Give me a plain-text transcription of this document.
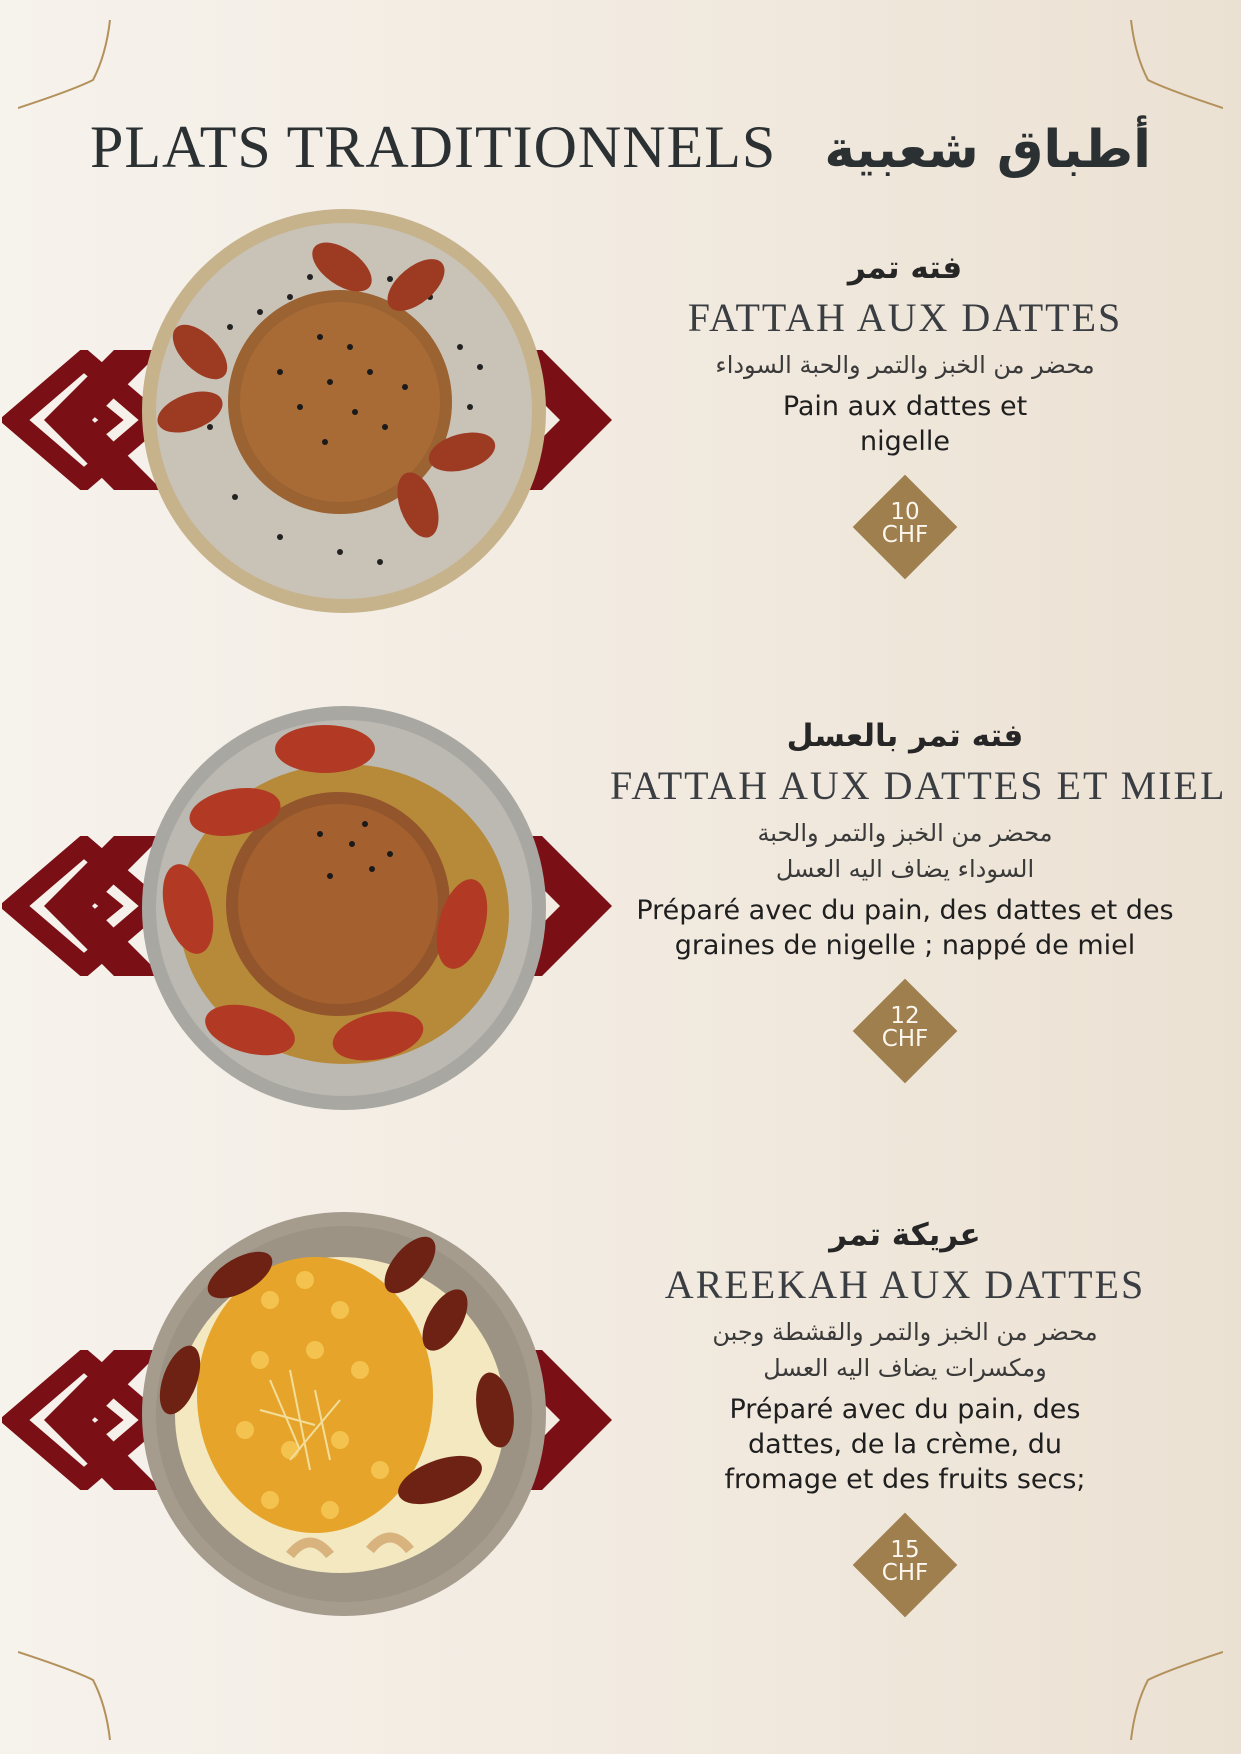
PLATS TRADITIONNELS أطباق شعبية
فته تمر
FATTAH AUX DATTES
محضر من الخبز والتمر والحبة السوداء
Pain aux dattes et nigelle
10
CHF
فته تمر بالعسل
FATTAH AUX DATTES ET MIEL
محضر من الخبز والتمر والحبة السوداء يضاف اليه العسل
Préparé avec du pain, des dattes et des graines de nigelle ; nappé de miel
12
CHF
عريكة تمر
AREEKAH AUX DATTES
محضر من الخبز والتمر والقشطة وجبن ومكسرات يضاف اليه العسل
Préparé avec du pain, des dattes, de la crème, du fromage et des fruits secs;
15
CHF
